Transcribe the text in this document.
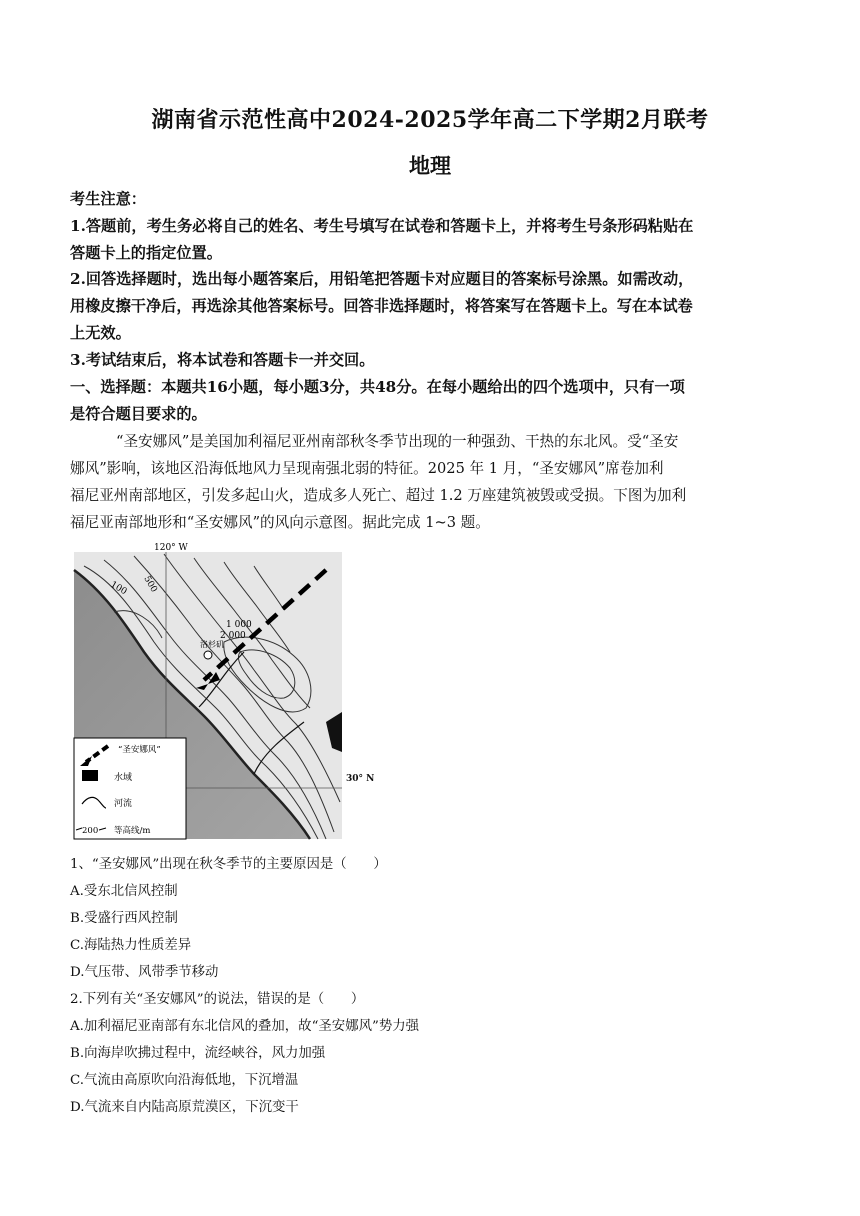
湖南省示范性高中2024-2025学年高二下学期2月联考
地理
考生注意：
1.答题前，考生务必将自己的姓名、考生号填写在试卷和答题卡上，并将考生号条形码粘贴在
答题卡上的指定位置。
2.回答选择题时，选出每小题答案后，用铅笔把答题卡对应题目的答案标号涂黑。如需改动，
用橡皮擦干净后，再选涂其他答案标号。回答非选择题时，将答案写在答题卡上。写在本试卷
上无效。
3.考试结束后，将本试卷和答题卡一并交回。
一、选择题：本题共16小题，每小题3分，共48分。在每小题给出的四个选项中，只有一项
是符合题目要求的。
“圣安娜风”是美国加利福尼亚州南部秋冬季节出现的一种强劲、干热的东北风。受“圣安
娜风”影响，该地区沿海低地风力呈现南强北弱的特征。2025 年 1 月，“圣安娜风”席卷加利
福尼亚州南部地区，引发多起山火，造成多人死亡、超过 1.2 万座建筑被毁或受损。下图为加利
福尼亚南部地形和“圣安娜风”的风向示意图。据此完成 1~3 题。
120° W
100 500
1 000
2 000
洛杉矶
“圣安娜风”
水域
河流
200 等高线/m
30° N
1、“圣安娜风”出现在秋冬季节的主要原因是（　　）
A.受东北信风控制
B.受盛行西风控制
C.海陆热力性质差异
D.气压带、风带季节移动
2.下列有关“圣安娜风”的说法，错误的是（　　）
A.加利福尼亚南部有东北信风的叠加，故“圣安娜风”势力强
B.向海岸吹拂过程中，流经峡谷，风力加强
C.气流由高原吹向沿海低地，下沉增温
D.气流来自内陆高原荒漠区，下沉变干
